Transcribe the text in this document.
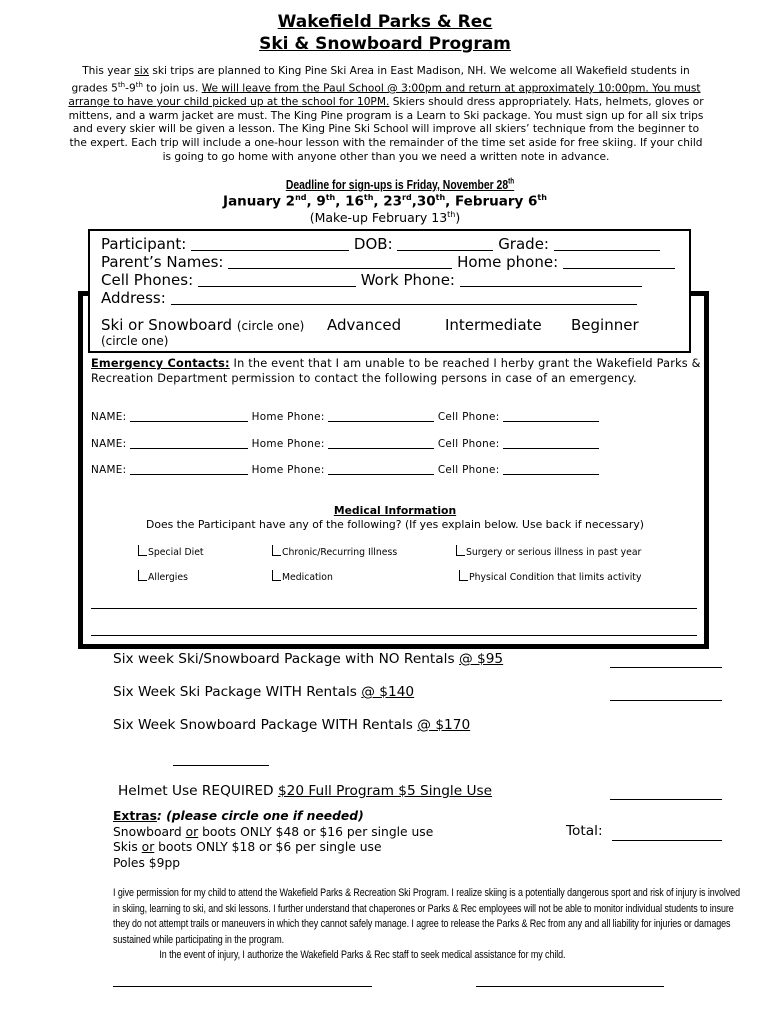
Wakefield Parks & Rec
Ski & Snowboard Program
This year six ski trips are planned to King Pine Ski Area in East Madison, NH. We welcome all Wakefield students in grades 5th-9th to join us. We will leave from the Paul School @ 3:00pm and return at approximately 10:00pm. You must arrange to have your child picked up at the school for 10PM. Skiers should dress appropriately. Hats, helmets, gloves or mittens, and a warm jacket are must. The King Pine program is a Learn to Ski package. You must sign up for all six trips and every skier will be given a lesson. The King Pine Ski School will improve all skiers’ technique from the beginner to the expert. Each trip will include a one-hour lesson with the remainder of the time set aside for free skiing. If your child is going to go home with anyone other than you we need a written note in advance.
Deadline for sign-ups is Friday, November 28th
January 2nd, 9th, 16th, 23rd,30th, February 6th
(Make-up February 13th)
Participant:	DOB:	Grade:
Parent’s Names:	Home phone:
Cell Phones:	Work Phone:
Address:
Ski or Snowboard (circle one) Advanced	Intermediate Beginner
(circle one)
Emergency Contacts: In the event that I am unable to be reached I herby grant the Wakefield Parks & Recreation Department permission to contact the following persons in case of an emergency.
NAME:	Home Phone:	Cell Phone:
NAME:	Home Phone:	Cell Phone:
NAME:	Home Phone:	Cell Phone:
Medical Information
Does the Participant have any of the following? (If yes explain below. Use back if necessary)
Special Diet	Chronic/Recurring Illness	Surgery or serious illness in past year
Allergies	Medication	Physical Condition that limits activity
Six week Ski/Snowboard Package with NO Rentals @ $95
Six Week Ski Package WITH Rentals @ $140
Six Week Snowboard Package WITH Rentals @ $170
Helmet Use REQUIRED $20 Full Program $5 Single Use
Extras: (please circle one if needed)
Snowboard or boots ONLY $48 or $16 per single use
Skis or boots ONLY $18 or $6 per single use
Poles $9pp
Total:
I give permission for my child to attend the Wakefield Parks & Recreation Ski Program. I realize skiing is a potentially dangerous sport and risk of injury is involved in skiing, learning to ski, and ski lessons. I further understand that chaperones or Parks & Rec employees will not be able to monitor individual students to insure they do not attempt trails or maneuvers in which they cannot safely manage. I agree to release the Parks & Rec from any and all liability for injuries or damages sustained while participating in the program.
In the event of injury, I authorize the Wakefield Parks & Rec staff to seek medical assistance for my child.
